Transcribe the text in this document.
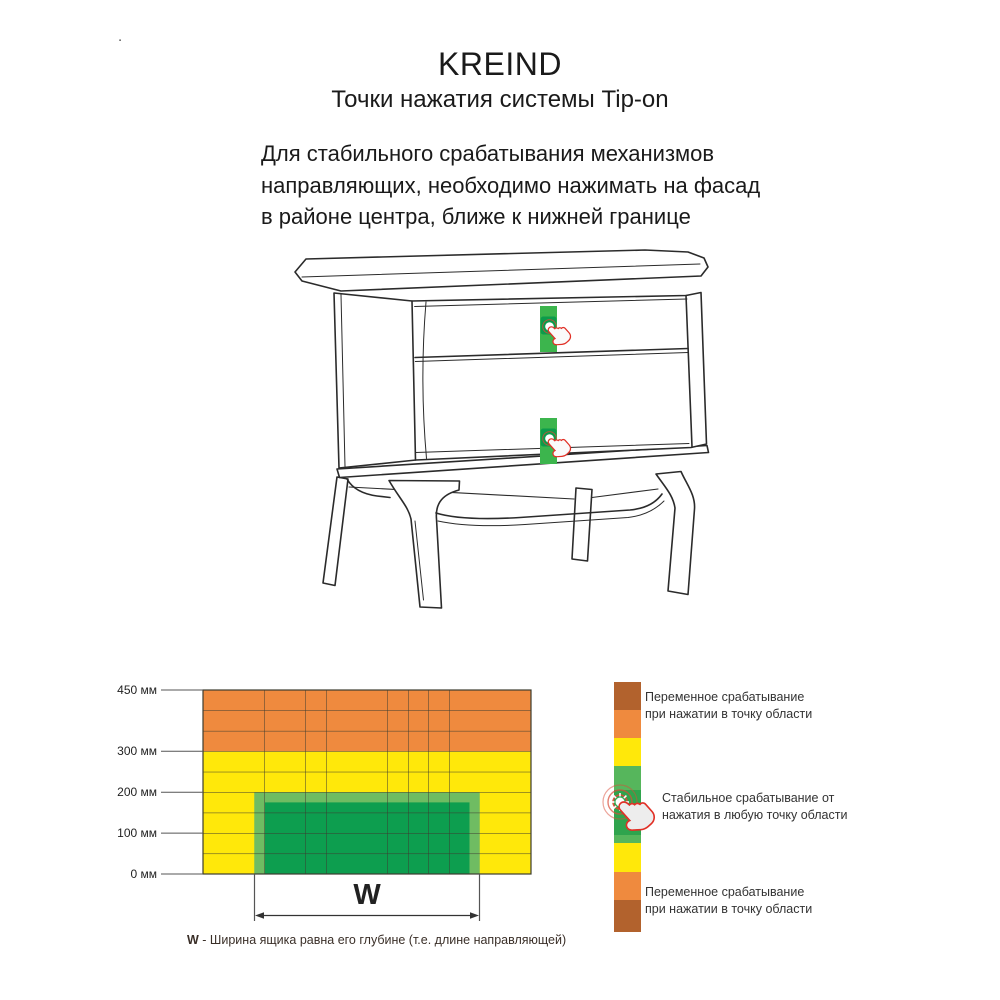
.
KREIND
Точки нажатия системы Tip-on
Для стабильного срабатывания механизмов
направляющих, необходимо нажимать на фасад
в районе центра, ближе к нижней границе
450 мм
300 мм
200 мм
100 мм
0 мм
W
W - Ширина ящика равна его глубине (т.е. длине направляющей)
Переменное срабатывание
при нажатии в точку области
Стабильное срабатывание от
нажатия в любую точку области
Переменное срабатывание
при нажатии в точку области
